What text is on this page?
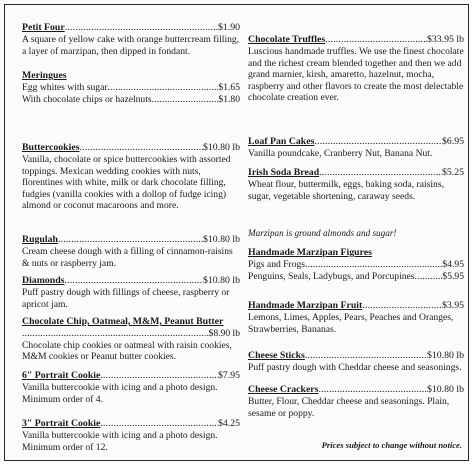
Petit Four .....	$1.90

A square of yellow cake with orange buttercream filling, a layer of marzipan, then dipped in fondant.

Meringues
Egg whites with sugar .....	$1.65
With chocolate chips or hazelnuts .....	$1.80
Buttercookies .....	$10.80 lb

Vanilla, chocolate or spice buttercookies with assorted toppings. Mexican wedding cookies with nuts, florentines with white, milk or dark chocolate filling, fudgies (vanilla cookies with a dollop of fudge icing) almond or coconut macaroons and more.

Rugulah .....	$10.80 lb

Cream cheese dough with a filling of cinnamon-raisins & nuts or raspberry jam.

Diamonds .....	$10.80 lb

Puff pastry dough with fillings of cheese, raspberry or apricot jam.

Chocolate Chip, Oatmeal, M&M, Peanut Butter
.....
$8.90 lb

Chocolate chip cookies or oatmeal with raisin cookies, M&M cookies or Peanut butter cookies.

6" Portrait Cookie .....	$7.95

Vanilla buttercookie with icing and a photo design. Minimum order of 4.

3" Portrait Cookie .....	$4.25

Vanilla buttercookie with icing and a photo design. Minimum order of 12.

Chocolate Truffles .....	$33.95 lb

Luscious handmade truffles. We use the finest chocolate and the richest cream blended together and then we add grand marnier, kirsh, amaretto, hazelnut, mocha, raspberry and other flavors to create the most delectable chocolate creation ever.

Loaf Pan Cakes .....	$6.95

Vanilla poundcake, Cranberry Nut, Banana Nut.

Irish Soda Bread .....	$5.25

Wheat flour, buttermilk, eggs, baking soda, raisins, sugar, vegetable shortening, caraway seeds.

Marzipan is ground almonds and sugar!
Handmade Marzipan Figures
Pigs and Frogs .....	$4.95
Penguins, Seals, Ladybugs, and Porcupines .....	$5.95
Handmade Marzipan Fruit .....	$3.95

Lemons, Limes, Apples, Pears, Peaches and Oranges, Strawberries, Bananas.

Cheese Sticks .....	$10.80 lb

Puff pastry dough with Cheddar cheese and seasonings.

Cheese Crackers .....	$10.80 lb

Butter, Flour, Cheddar cheese and seasonings. Plain, sesame or poppy.

Prices subject to change without notice.
